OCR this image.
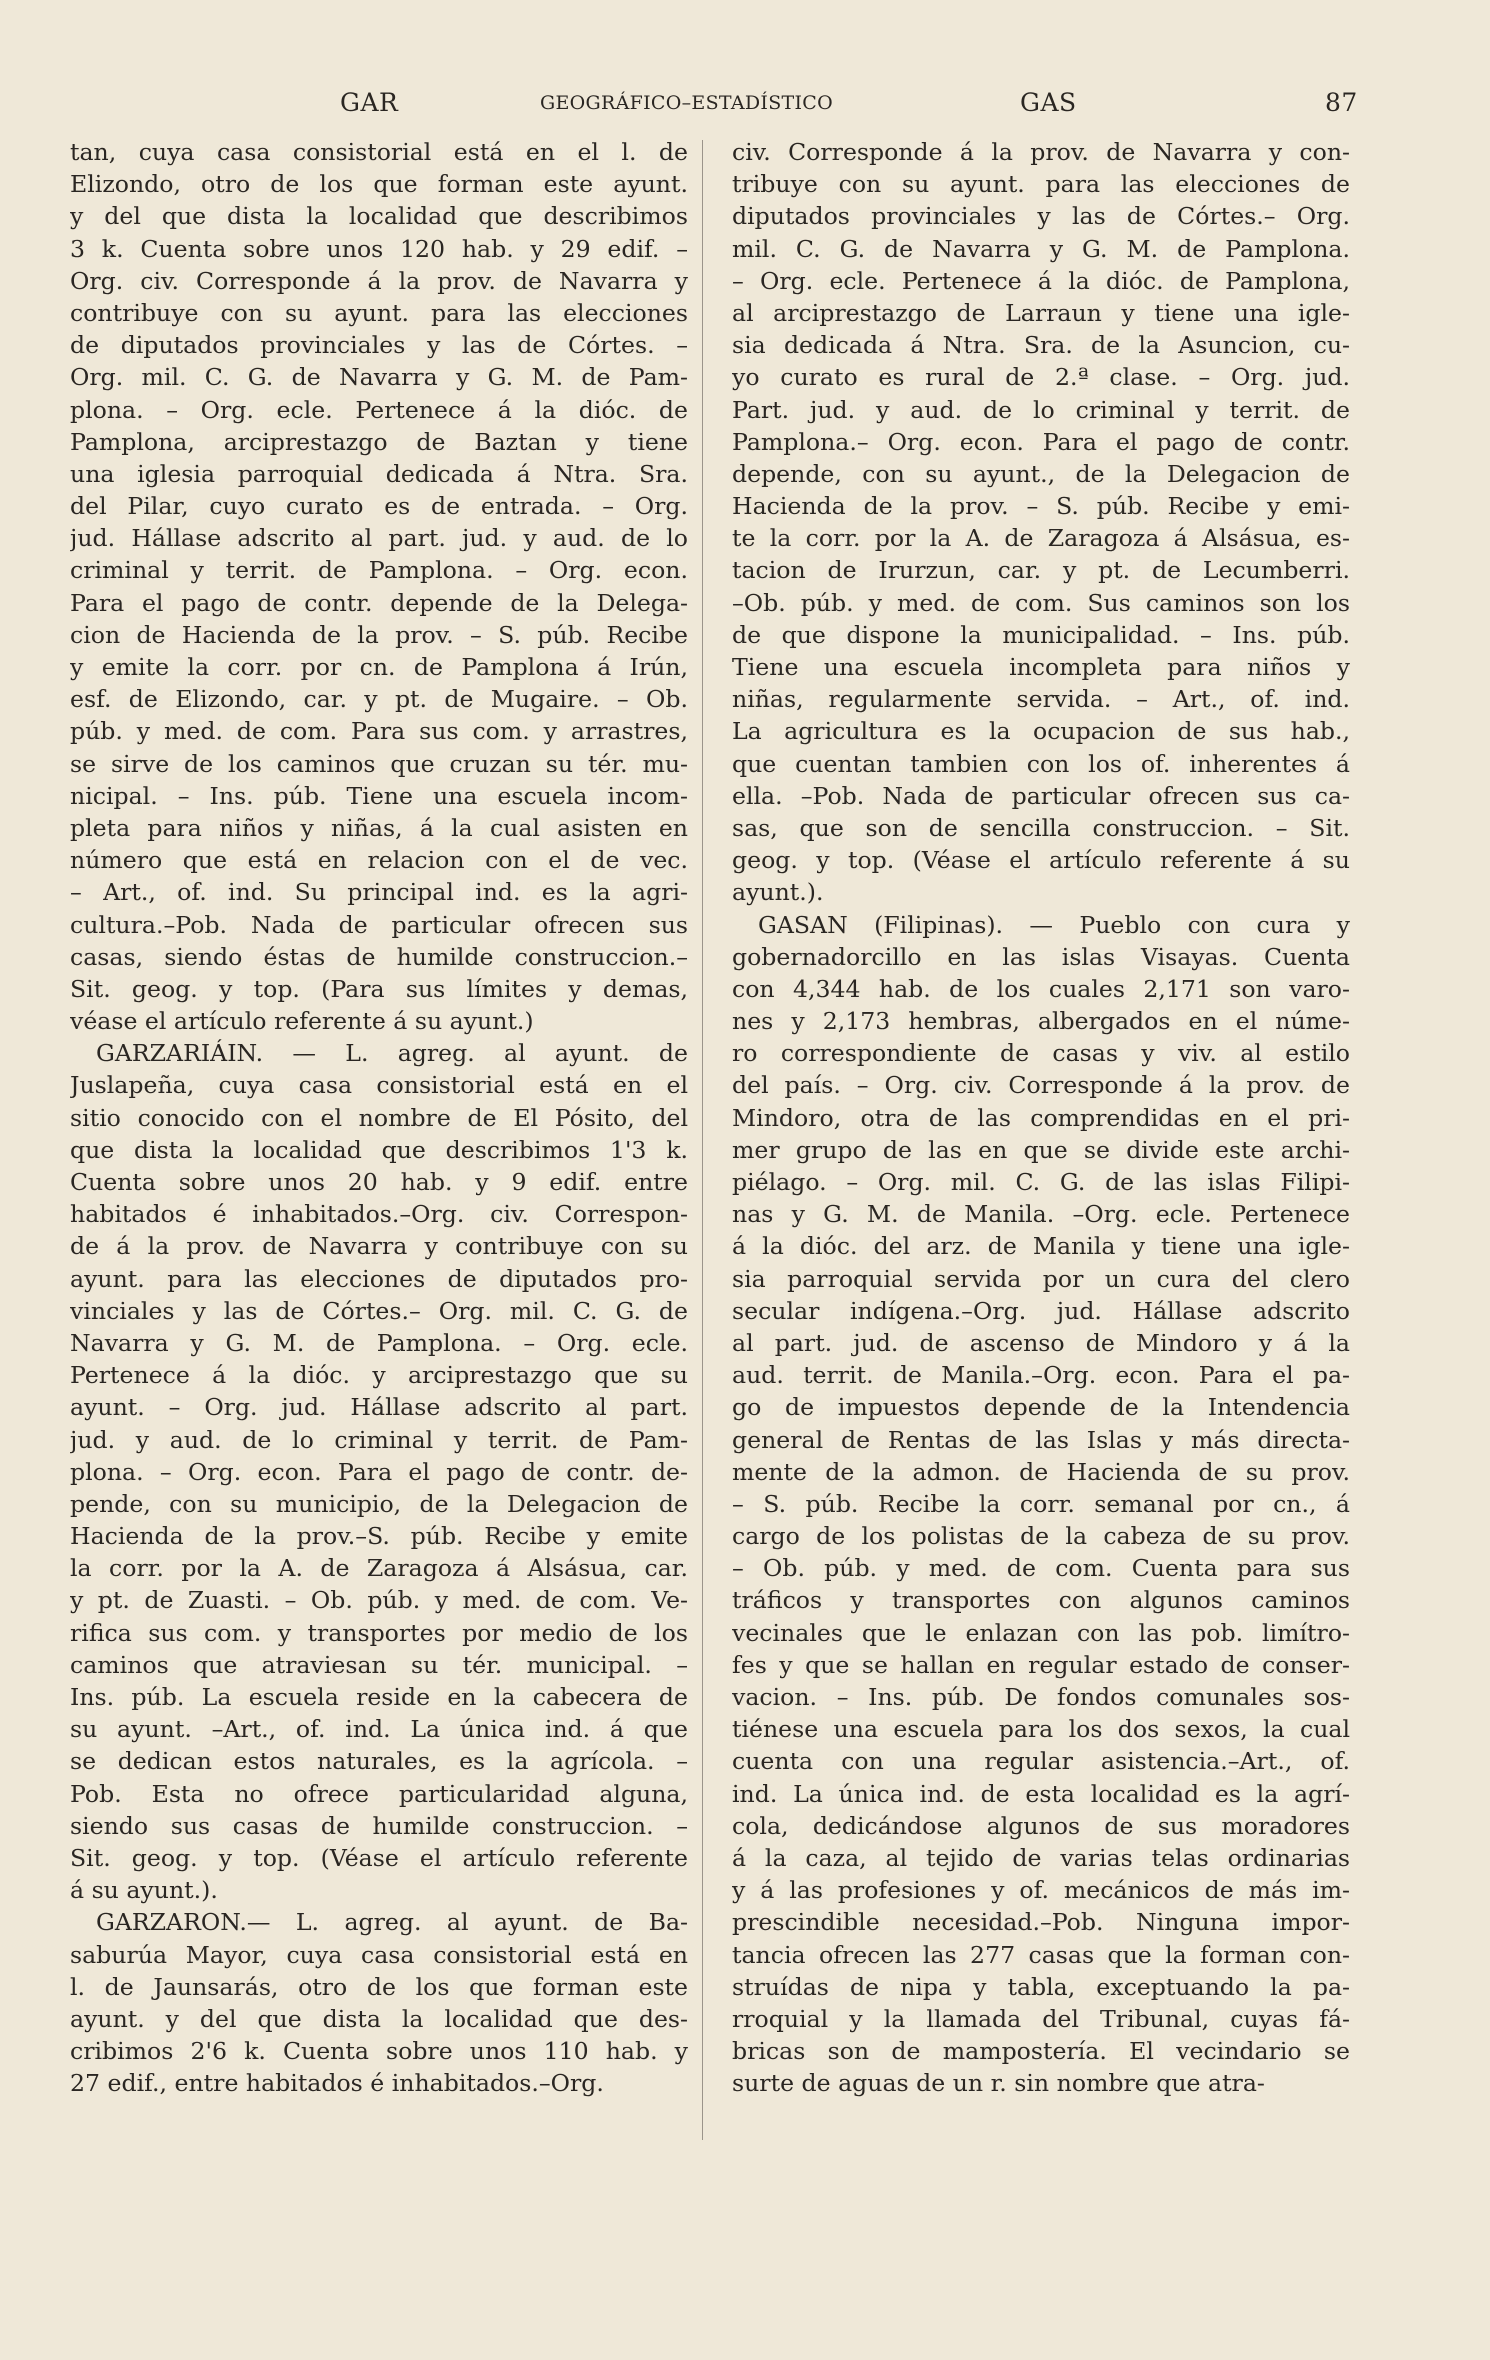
GAR	GEOGRÁFICO–ESTADÍSTICO	GAS	87
tan, cuya casa consistorial está en el l. de
Elizondo, otro de los que forman este ayunt.
y del que dista la localidad que describimos
3 k. Cuenta sobre unos 120 hab. y 29 edif. –
Org. civ. Corresponde á la prov. de Navarra y
contribuye con su ayunt. para las elecciones
de diputados provinciales y las de Córtes. –
Org. mil. C. G. de Navarra y G. M. de Pam-
plona. – Org. ecle. Pertenece á la dióc. de
Pamplona, arciprestazgo de Baztan y tiene
una iglesia parroquial dedicada á Ntra. Sra.
del Pilar, cuyo curato es de entrada. – Org.
jud. Hállase adscrito al part. jud. y aud. de lo
criminal y territ. de Pamplona. – Org. econ.
Para el pago de contr. depende de la Delega-
cion de Hacienda de la prov. – S. púb. Recibe
y emite la corr. por cn. de Pamplona á Irún,
esf. de Elizondo, car. y pt. de Mugaire. – Ob.
púb. y med. de com. Para sus com. y arrastres,
se sirve de los caminos que cruzan su tér. mu-
nicipal. – Ins. púb. Tiene una escuela incom-
pleta para niños y niñas, á la cual asisten en
número que está en relacion con el de vec.
– Art., of. ind. Su principal ind. es la agri-
cultura.–Pob. Nada de particular ofrecen sus
casas, siendo éstas de humilde construccion.–
Sit. geog. y top. (Para sus límites y demas,
véase el artículo referente á su ayunt.)
GARZARIÁIN. — L. agreg. al ayunt. de
Juslapeña, cuya casa consistorial está en el
sitio conocido con el nombre de El Pósito, del
que dista la localidad que describimos 1'3 k.
Cuenta sobre unos 20 hab. y 9 edif. entre
habitados é inhabitados.–Org. civ. Correspon-
de á la prov. de Navarra y contribuye con su
ayunt. para las elecciones de diputados pro-
vinciales y las de Córtes.– Org. mil. C. G. de
Navarra y G. M. de Pamplona. – Org. ecle.
Pertenece á la dióc. y arciprestazgo que su
ayunt. – Org. jud. Hállase adscrito al part.
jud. y aud. de lo criminal y territ. de Pam-
plona. – Org. econ. Para el pago de contr. de-
pende, con su municipio, de la Delegacion de
Hacienda de la prov.–S. púb. Recibe y emite
la corr. por la A. de Zaragoza á Alsásua, car.
y pt. de Zuasti. – Ob. púb. y med. de com. Ve-
rifica sus com. y transportes por medio de los
caminos que atraviesan su tér. municipal. –
Ins. púb. La escuela reside en la cabecera de
su ayunt. –Art., of. ind. La única ind. á que
se dedican estos naturales, es la agrícola. –
Pob. Esta no ofrece particularidad alguna,
siendo sus casas de humilde construccion. –
Sit. geog. y top. (Véase el artículo referente
á su ayunt.).
GARZARON.— L. agreg. al ayunt. de Ba-
saburúa Mayor, cuya casa consistorial está en
l. de Jaunsarás, otro de los que forman este
ayunt. y del que dista la localidad que des-
cribimos 2'6 k. Cuenta sobre unos 110 hab. y
27 edif., entre habitados é inhabitados.–Org.
civ. Corresponde á la prov. de Navarra y con-
tribuye con su ayunt. para las elecciones de
diputados provinciales y las de Córtes.– Org.
mil. C. G. de Navarra y G. M. de Pamplona.
– Org. ecle. Pertenece á la dióc. de Pamplona,
al arciprestazgo de Larraun y tiene una igle-
sia dedicada á Ntra. Sra. de la Asuncion, cu-
yo curato es rural de 2.ª clase. – Org. jud.
Part. jud. y aud. de lo criminal y territ. de
Pamplona.– Org. econ. Para el pago de contr.
depende, con su ayunt., de la Delegacion de
Hacienda de la prov. – S. púb. Recibe y emi-
te la corr. por la A. de Zaragoza á Alsásua, es-
tacion de Irurzun, car. y pt. de Lecumberri.
–Ob. púb. y med. de com. Sus caminos son los
de que dispone la municipalidad. – Ins. púb.
Tiene una escuela incompleta para niños y
niñas, regularmente servida. – Art., of. ind.
La agricultura es la ocupacion de sus hab.,
que cuentan tambien con los of. inherentes á
ella. –Pob. Nada de particular ofrecen sus ca-
sas, que son de sencilla construccion. – Sit.
geog. y top. (Véase el artículo referente á su
ayunt.).
GASAN (Filipinas). — Pueblo con cura y
gobernadorcillo en las islas Visayas. Cuenta
con 4,344 hab. de los cuales 2,171 son varo-
nes y 2,173 hembras, albergados en el núme-
ro correspondiente de casas y viv. al estilo
del país. – Org. civ. Corresponde á la prov. de
Mindoro, otra de las comprendidas en el pri-
mer grupo de las en que se divide este archi-
piélago. – Org. mil. C. G. de las islas Filipi-
nas y G. M. de Manila. –Org. ecle. Pertenece
á la dióc. del arz. de Manila y tiene una igle-
sia parroquial servida por un cura del clero
secular indígena.–Org. jud. Hállase adscrito
al part. jud. de ascenso de Mindoro y á la
aud. territ. de Manila.–Org. econ. Para el pa-
go de impuestos depende de la Intendencia
general de Rentas de las Islas y más directa-
mente de la admon. de Hacienda de su prov.
– S. púb. Recibe la corr. semanal por cn., á
cargo de los polistas de la cabeza de su prov.
– Ob. púb. y med. de com. Cuenta para sus
tráficos y transportes con algunos caminos
vecinales que le enlazan con las pob. limítro-
fes y que se hallan en regular estado de conser-
vacion. – Ins. púb. De fondos comunales sos-
tiénese una escuela para los dos sexos, la cual
cuenta con una regular asistencia.–Art., of.
ind. La única ind. de esta localidad es la agrí-
cola, dedicándose algunos de sus moradores
á la caza, al tejido de varias telas ordinarias
y á las profesiones y of. mecánicos de más im-
prescindible necesidad.–Pob. Ninguna impor-
tancia ofrecen las 277 casas que la forman con-
struídas de nipa y tabla, exceptuando la pa-
rroquial y la llamada del Tribunal, cuyas fá-
bricas son de mampostería. El vecindario se
surte de aguas de un r. sin nombre que atra-
